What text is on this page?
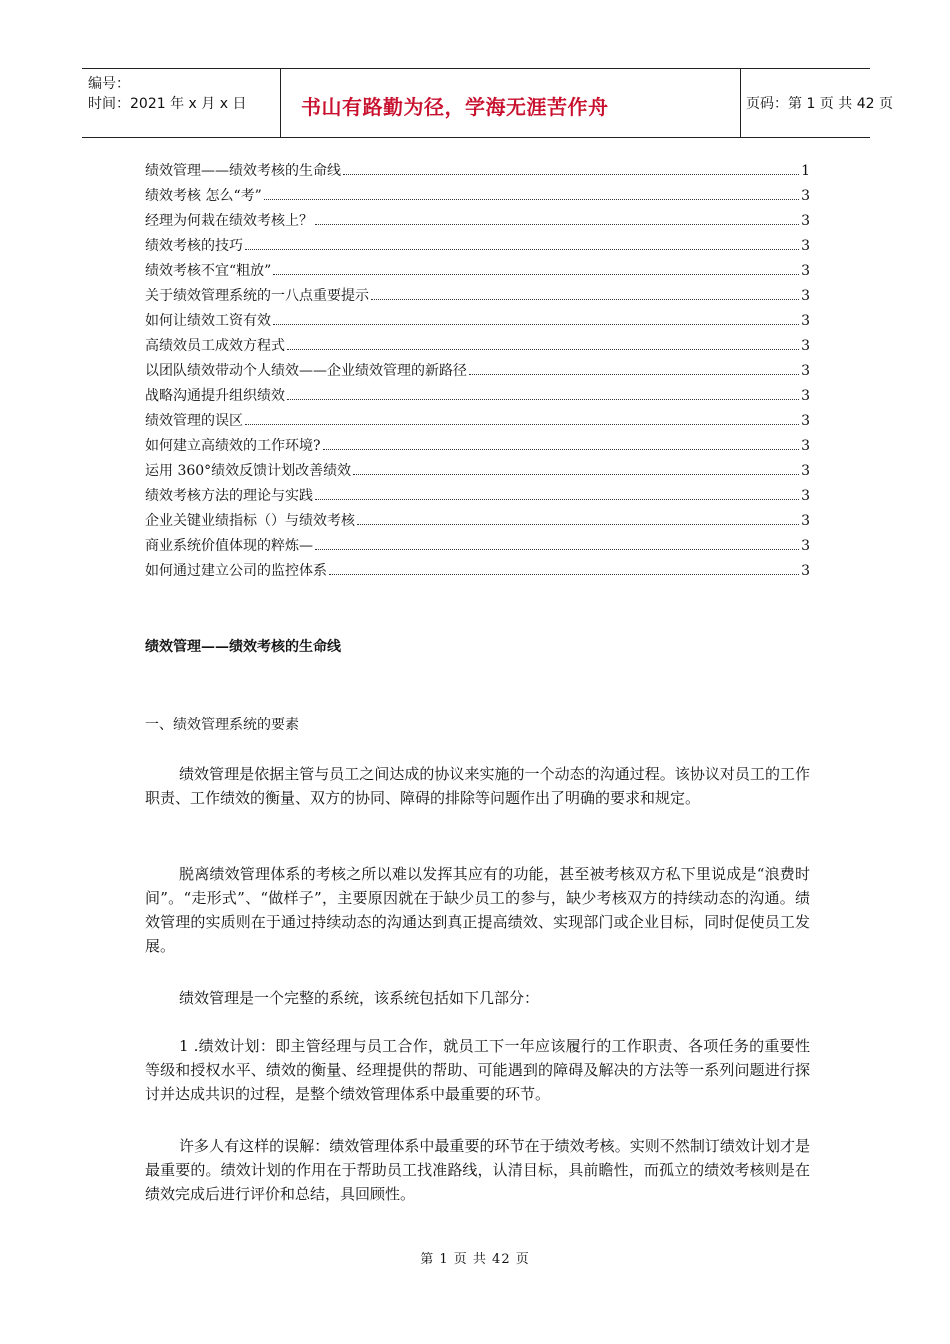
编号：
时间：2021 年 x 月 x 日	书山有路勤为径，学海无涯苦作舟	页码：第 1 页 共 42 页
绩效管理——绩效考核的生命线	1
绩效考核 怎么“考”	3
经理为何栽在绩效考核上？	3
绩效考核的技巧	3
绩效考核不宜“粗放”	3
关于绩效管理系统的一八点重要提示	3
如何让绩效工资有效	3
高绩效员工成效方程式	3
以团队绩效带动个人绩效——企业绩效管理的新路径	3
战略沟通提升组织绩效	3
绩效管理的误区	3
如何建立高绩效的工作环境?	3
运用 360°绩效反馈计划改善绩效	3
绩效考核方法的理论与实践	3
企业关键业绩指标（）与绩效考核	3
商业系统价值体现的粹炼—	3
如何通过建立公司的监控体系	3
绩效管理——绩效考核的生命线
一、绩效管理系统的要素

绩效管理是依据主管与员工之间达成的协议来实施的一个动态的沟通过程。该协议对员工的工作职责、工作绩效的衡量、双方的协同、障碍的排除等问题作出了明确的要求和规定。

脱离绩效管理体系的考核之所以难以发挥其应有的功能，甚至被考核双方私下里说成是“浪费时间”。“走形式”、“做样子”，主要原因就在于缺少员工的参与，缺少考核双方的持续动态的沟通。绩效管理的实质则在于通过持续动态的沟通达到真正提高绩效、实现部门或企业目标，同时促使员工发展。

绩效管理是一个完整的系统，该系统包括如下几部分：

1 .绩效计划：即主管经理与员工合作，就员工下一年应该履行的工作职责、各项任务的重要性等级和授权水平、绩效的衡量、经理提供的帮助、可能遇到的障碍及解决的方法等一系列问题进行探讨并达成共识的过程，是整个绩效管理体系中最重要的环节。

许多人有这样的误解：绩效管理体系中最重要的环节在于绩效考核。实则不然制订绩效计划才是最重要的。绩效计划的作用在于帮助员工找准路线，认清目标，具前瞻性，而孤立的绩效考核则是在绩效完成后进行评价和总结，具回顾性。

第 1 页 共 42 页
